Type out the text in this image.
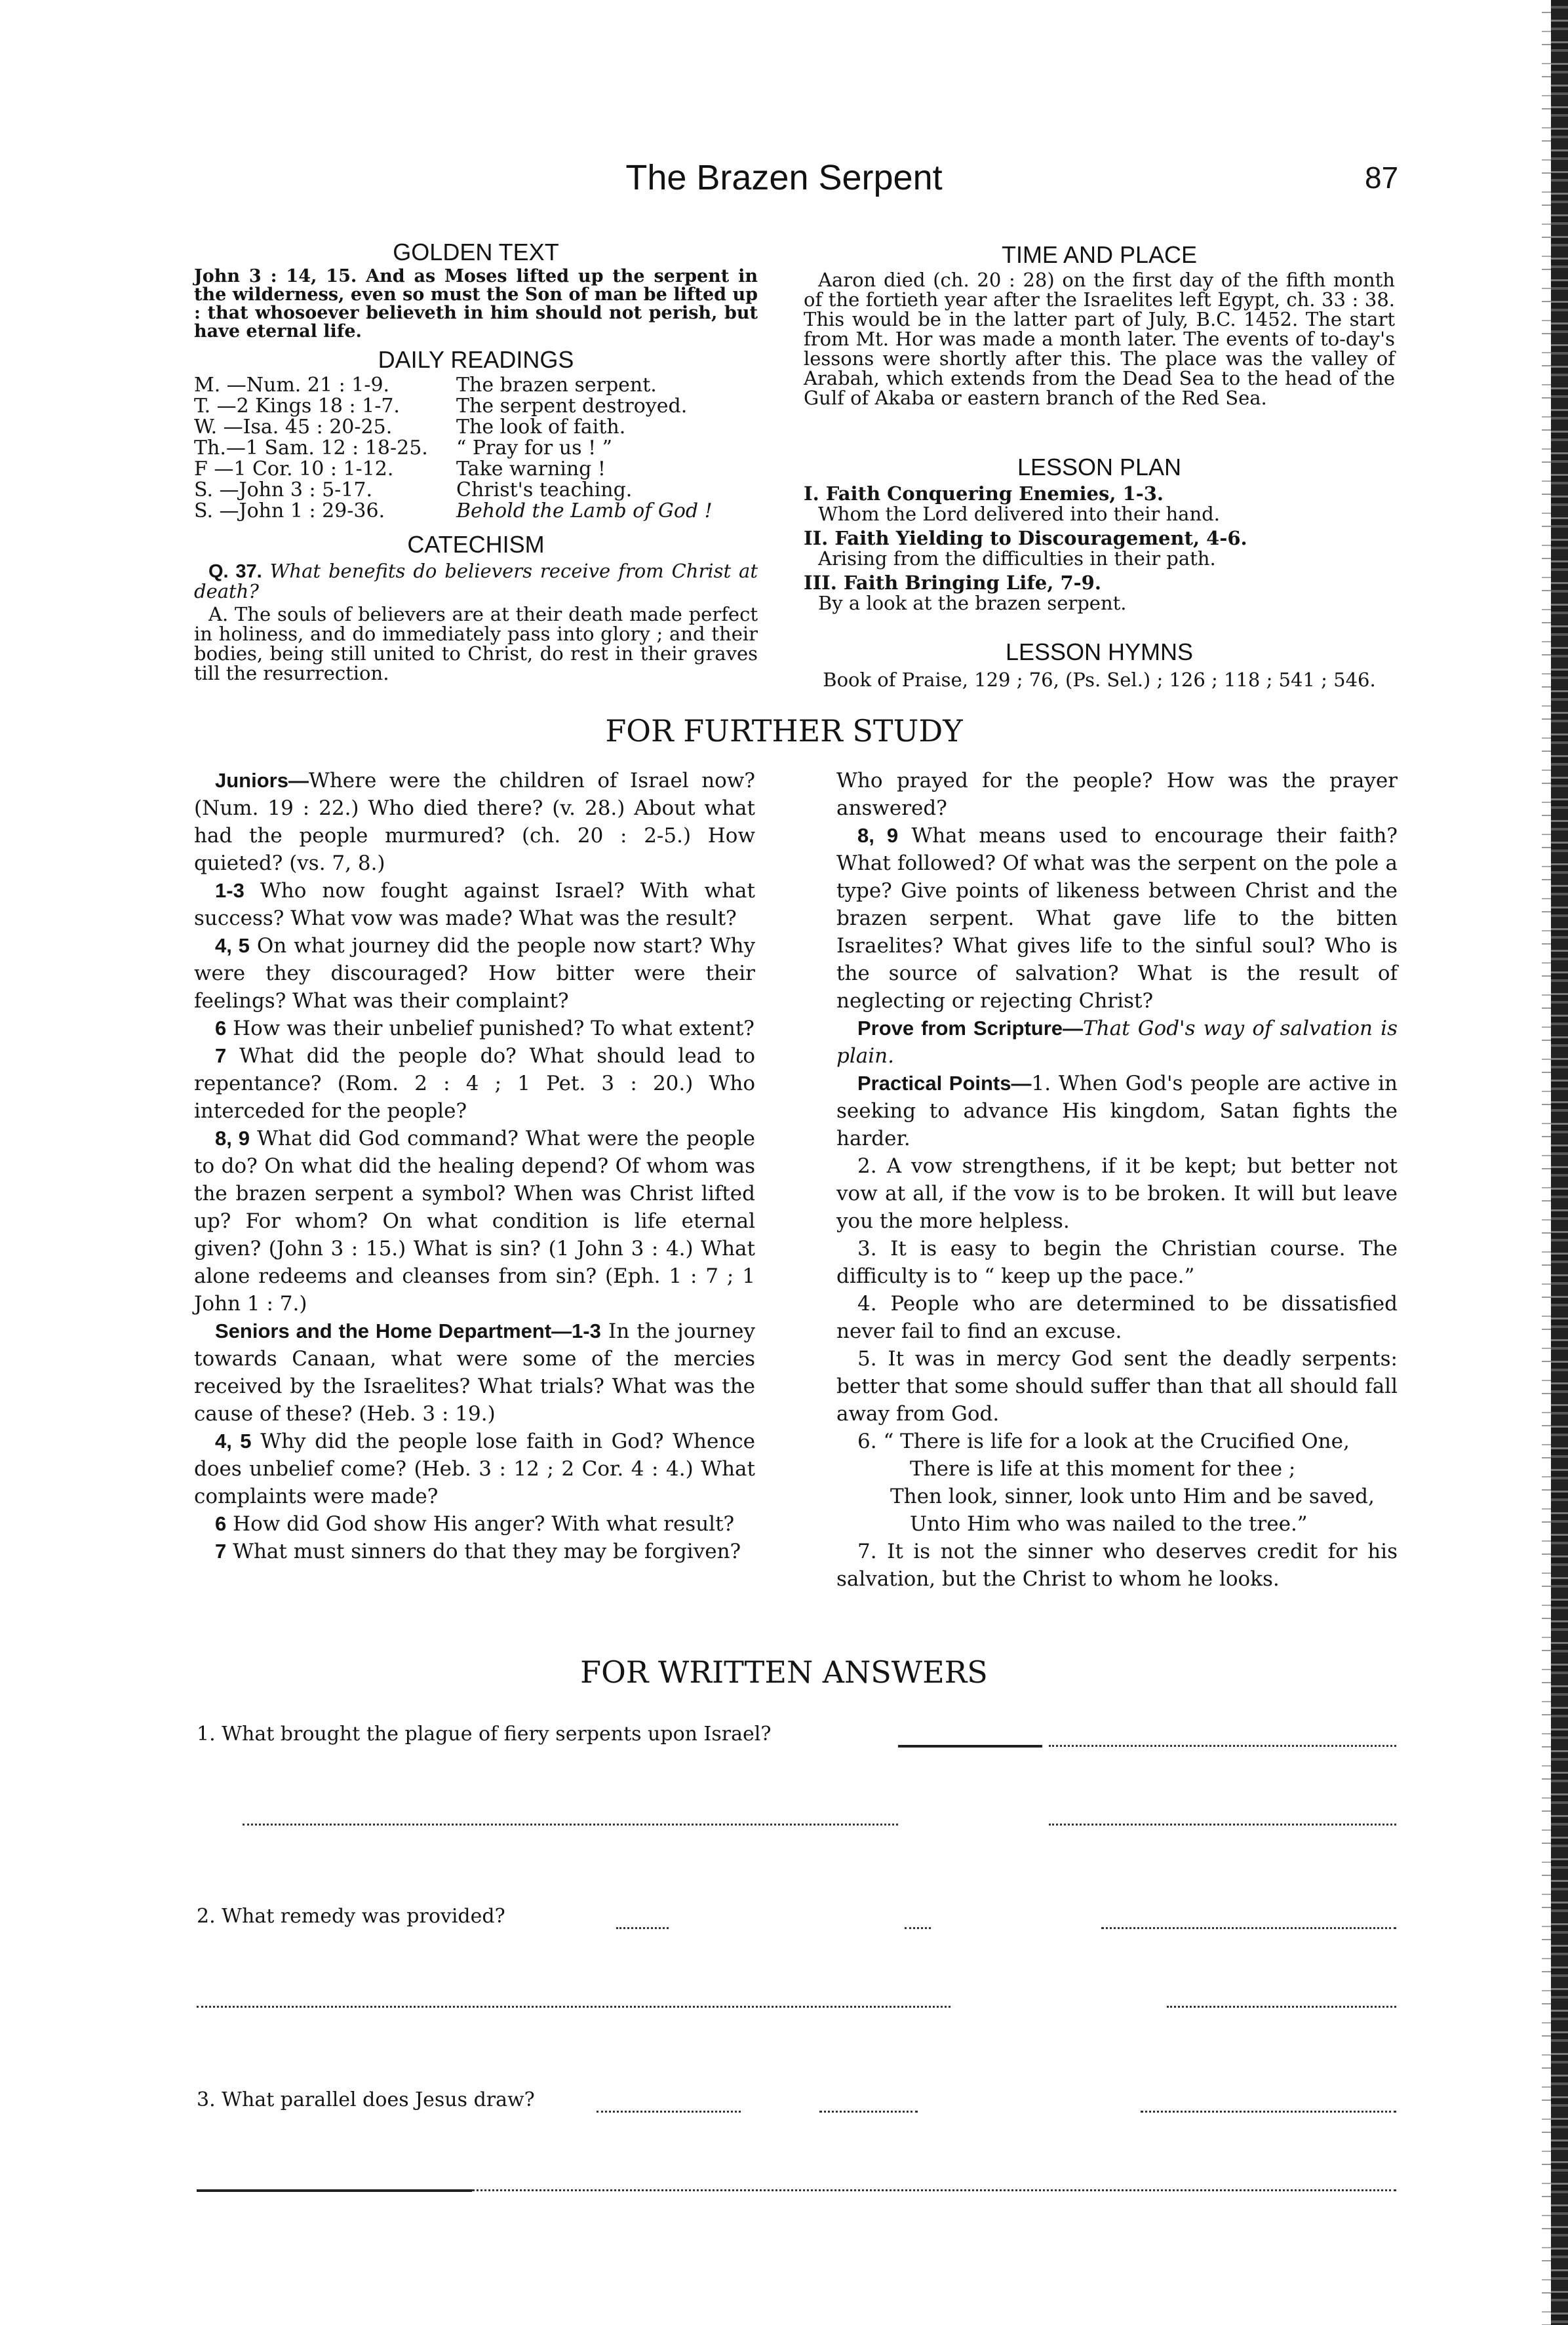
The Brazen Serpent	87
GOLDEN TEXT

John 3 : 14, 15. And as Moses lifted up the serpent in the wilderness, even so must the Son of man be lifted up : that whosoever believeth in him should not perish, but have eternal life.

DAILY READINGS
M. —Num. 21 : 1-9.	The brazen serpent.
T. —2 Kings 18 : 1-7.	The serpent destroyed.
W. —Isa. 45 : 20-25.	The look of faith.
Th.—1 Sam. 12 : 18-25.	“ Pray for us ! ”
F —1 Cor. 10 : 1-12.	Take warning !
S. —John 3 : 5-17.	Christ's teaching.
S. —John 1 : 29-36.	Behold the Lamb of God !
CATECHISM

Q. 37. What benefits do believers receive from Christ at death?

A. The souls of believers are at their death made perfect in holiness, and do immediately pass into glory ; and their bodies, being still united to Christ, do rest in their graves till the resurrection.

TIME AND PLACE

Aaron died (ch. 20 : 28) on the first day of the fifth month of the fortieth year after the Israelites left Egypt, ch. 33 : 38. This would be in the latter part of July, B.C. 1452. The start from Mt. Hor was made a month later. The events of to-day's lessons were shortly after this. The place was the valley of Arabah, which extends from the Dead Sea to the head of the Gulf of Akaba or eastern branch of the Red Sea.

LESSON PLAN
I. Faith Conquering Enemies, 1-3.
Whom the Lord delivered into their hand.
II. Faith Yielding to Discouragement, 4-6.
Arising from the difficulties in their path.
III. Faith Bringing Life, 7-9.
By a look at the brazen serpent.
LESSON HYMNS
Book of Praise, 129 ; 76, (Ps. Sel.) ; 126 ; 118 ; 541 ; 546.
FOR FURTHER STUDY

Juniors—Where were the children of Israel now? (Num. 19 : 22.) Who died there? (v. 28.) About what had the people murmured? (ch. 20 : 2-5.) How quieted? (vs. 7, 8.)

1-3 Who now fought against Israel? With what success? What vow was made? What was the result?

4, 5 On what journey did the people now start? Why were they discouraged? How bitter were their feelings? What was their complaint?

6 How was their unbelief punished? To what extent?

7 What did the people do? What should lead to repentance? (Rom. 2 : 4 ; 1 Pet. 3 : 20.) Who interceded for the people?

8, 9 What did God command? What were the people to do? On what did the healing depend? Of whom was the brazen serpent a symbol? When was Christ lifted up? For whom? On what condition is life eternal given? (John 3 : 15.) What is sin? (1 John 3 : 4.) What alone redeems and cleanses from sin? (Eph. 1 : 7 ; 1 John 1 : 7.)

Seniors and the Home Department—1-3 In the journey towards Canaan, what were some of the mercies received by the Israelites? What trials? What was the cause of these? (Heb. 3 : 19.)

4, 5 Why did the people lose faith in God? Whence does unbelief come? (Heb. 3 : 12 ; 2 Cor. 4 : 4.) What complaints were made?

6 How did God show His anger? With what result?

7 What must sinners do that they may be forgiven?

Who prayed for the people? How was the prayer answered?

8, 9 What means used to encourage their faith? What followed? Of what was the serpent on the pole a type? Give points of likeness between Christ and the brazen serpent. What gave life to the bitten Israelites? What gives life to the sinful soul? Who is the source of salvation? What is the result of neglecting or rejecting Christ?

Prove from Scripture—That God's way of salvation is plain.

Practical Points—1. When God's people are active in seeking to advance His kingdom, Satan fights the harder.

2. A vow strengthens, if it be kept; but better not vow at all, if the vow is to be broken. It will but leave you the more helpless.

3. It is easy to begin the Christian course. The difficulty is to “ keep up the pace.”

4. People who are determined to be dissatisfied never fail to find an excuse.

5. It was in mercy God sent the deadly serpents: better that some should suffer than that all should fall away from God.

6. “ There is life for a look at the Crucified One,
There is life at this moment for thee ;
Then look, sinner, look unto Him and be saved,
Unto Him who was nailed to the tree.”

7. It is not the sinner who deserves credit for his salvation, but the Christ to whom he looks.

FOR WRITTEN ANSWERS
1. What brought the plague of fiery serpents upon Israel?
2. What remedy was provided?
3. What parallel does Jesus draw?
